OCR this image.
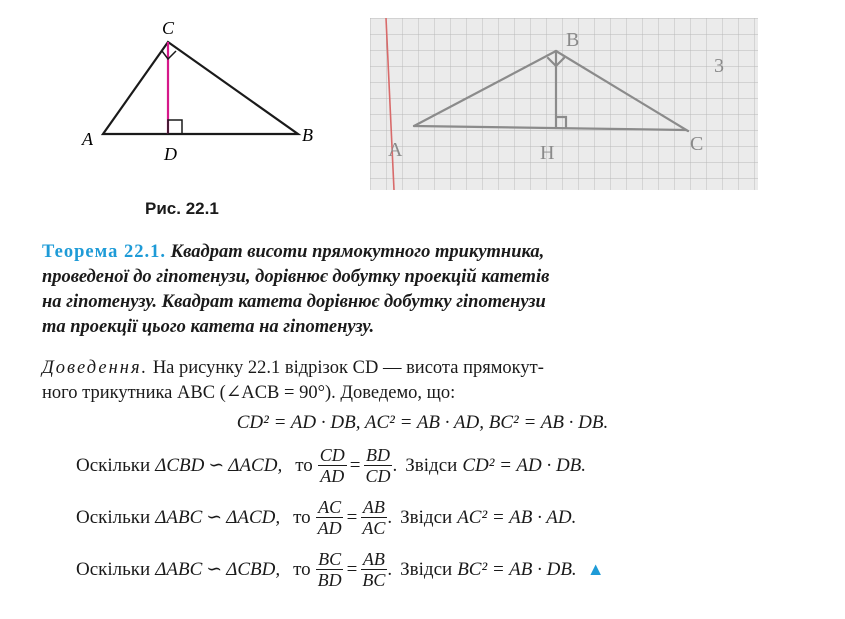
C
A
D
B
B
A	H	C
3
Рис. 22.1
Теорема 22.1. Квадрат висоти прямокутного трикутника,
проведеної до гіпотенузи, дорівнює добутку проекцій катетів
на гіпотенузу. Квадрат катета дорівнює добутку гіпотенузи
та проекції цього катета на гіпотенузу.
Доведення. На рисунку 22.1 відрізок CD — висота прямокут-
ного трикутника ABC (∠ACB = 90°). Доведемо, що:
CD² = AD · DB, AC² = AB · AD, BC² = AB · DB.
Оскільки ΔCBD ∽ ΔACD, то $\frac{CD}{AD} = \frac{BD}{CD}$ . Звідси CD² = AD · DB.
Оскільки ΔABC ∽ ΔACD, то $\frac{AC}{AD} = \frac{AB}{AC}$ . Звідси AC² = AB · AD.
Оскільки ΔABC ∽ ΔCBD, то $\frac{BC}{BD} = \frac{AB}{BC}$ . Звідси BC² = AB · DB. ▲
